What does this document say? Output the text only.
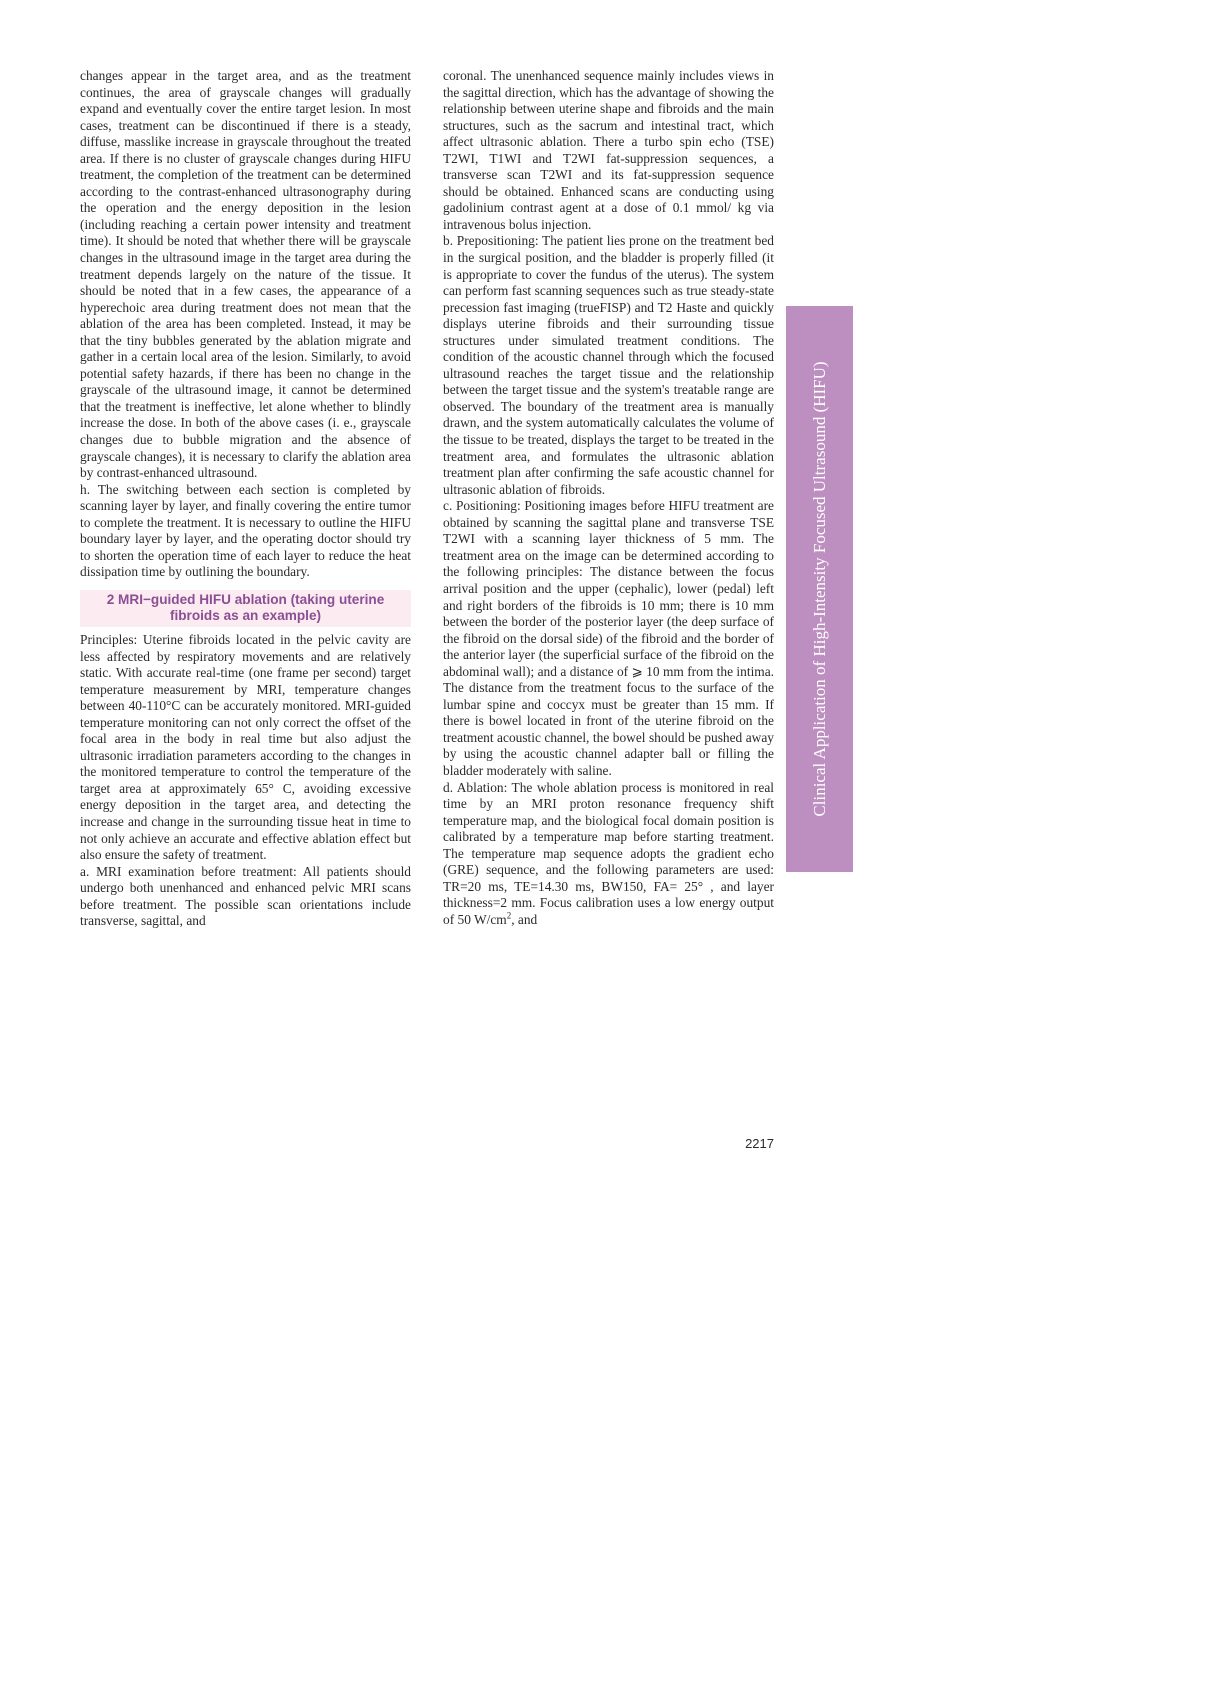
changes appear in the target area, and as the treatment continues, the area of grayscale changes will gradually expand and eventually cover the entire target lesion. In most cases, treatment can be discontinued if there is a steady, diffuse, masslike increase in grayscale throughout the treated area. If there is no cluster of grayscale changes during HIFU treatment, the completion of the treatment can be determined according to the contrast-enhanced ultrasonography during the operation and the energy deposition in the lesion (including reaching a certain power intensity and treatment time). It should be noted that whether there will be grayscale changes in the ultrasound image in the target area during the treatment depends largely on the nature of the tissue. It should be noted that in a few cases, the appearance of a hyperechoic area during treatment does not mean that the ablation of the area has been completed. Instead, it may be that the tiny bubbles generated by the ablation migrate and gather in a certain local area of the lesion. Similarly, to avoid potential safety hazards, if there has been no change in the grayscale of the ultrasound image, it cannot be determined that the treatment is ineffective, let alone whether to blindly increase the dose. In both of the above cases (i. e., grayscale changes due to bubble migration and the absence of grayscale changes), it is necessary to clarify the ablation area by contrast-enhanced ultrasound.

h. The switching between each section is completed by scanning layer by layer, and finally covering the entire tumor to complete the treatment. It is necessary to outline the HIFU boundary layer by layer, and the operating doctor should try to shorten the operation time of each layer to reduce the heat dissipation time by outlining the boundary.

2 MRI−guided HIFU ablation (taking uterine fibroids as an example)

Principles: Uterine fibroids located in the pelvic cavity are less affected by respiratory movements and are relatively static. With accurate real-time (one frame per second) target temperature measurement by MRI, temperature changes between 40-110°C can be accurately monitored. MRI-guided temperature monitoring can not only correct the offset of the focal area in the body in real time but also adjust the ultrasonic irradiation parameters according to the changes in the monitored temperature to control the temperature of the target area at approximately 65° C, avoiding excessive energy deposition in the target area, and detecting the increase and change in the surrounding tissue heat in time to not only achieve an accurate and effective ablation effect but also ensure the safety of treatment.

a. MRI examination before treatment: All patients should undergo both unenhanced and enhanced pelvic MRI scans before treatment. The possible scan orientations include transverse, sagittal, and

coronal. The unenhanced sequence mainly includes views in the sagittal direction, which has the advantage of showing the relationship between uterine shape and fibroids and the main structures, such as the sacrum and intestinal tract, which affect ultrasonic ablation. There a turbo spin echo (TSE) T2WI, T1WI and T2WI fat-suppression sequences, a transverse scan T2WI and its fat-suppression sequence should be obtained. Enhanced scans are conducting using gadolinium contrast agent at a dose of 0.1 mmol/ kg via intravenous bolus injection.

b. Prepositioning: The patient lies prone on the treatment bed in the surgical position, and the bladder is properly filled (it is appropriate to cover the fundus of the uterus). The system can perform fast scanning sequences such as true steady-state precession fast imaging (trueFISP) and T2 Haste and quickly displays uterine fibroids and their surrounding tissue structures under simulated treatment conditions. The condition of the acoustic channel through which the focused ultrasound reaches the target tissue and the relationship between the target tissue and the system's treatable range are observed. The boundary of the treatment area is manually drawn, and the system automatically calculates the volume of the tissue to be treated, displays the target to be treated in the treatment area, and formulates the ultrasonic ablation treatment plan after confirming the safe acoustic channel for ultrasonic ablation of fibroids.

c. Positioning: Positioning images before HIFU treatment are obtained by scanning the sagittal plane and transverse TSE T2WI with a scanning layer thickness of 5 mm. The treatment area on the image can be determined according to the following principles: The distance between the focus arrival position and the upper (cephalic), lower (pedal) left and right borders of the fibroids is 10 mm; there is 10 mm between the border of the posterior layer (the deep surface of the fibroid on the dorsal side) of the fibroid and the border of the anterior layer (the superficial surface of the fibroid on the abdominal wall); and a distance of ⩾ 10 mm from the intima. The distance from the treatment focus to the surface of the lumbar spine and coccyx must be greater than 15 mm. If there is bowel located in front of the uterine fibroid on the treatment acoustic channel, the bowel should be pushed away by using the acoustic channel adapter ball or filling the bladder moderately with saline.

d. Ablation: The whole ablation process is monitored in real time by an MRI proton resonance frequency shift temperature map, and the biological focal domain position is calibrated by a temperature map before starting treatment. The temperature map sequence adopts the gradient echo (GRE) sequence, and the following parameters are used: TR=20 ms, TE=14.30 ms, BW150, FA= 25° , and layer thickness=2 mm. Focus calibration uses a low energy output of 50 $W/cm^2$, and

Clinical Application of High-Intensity Focused Ultrasound (HIFU)
2217
